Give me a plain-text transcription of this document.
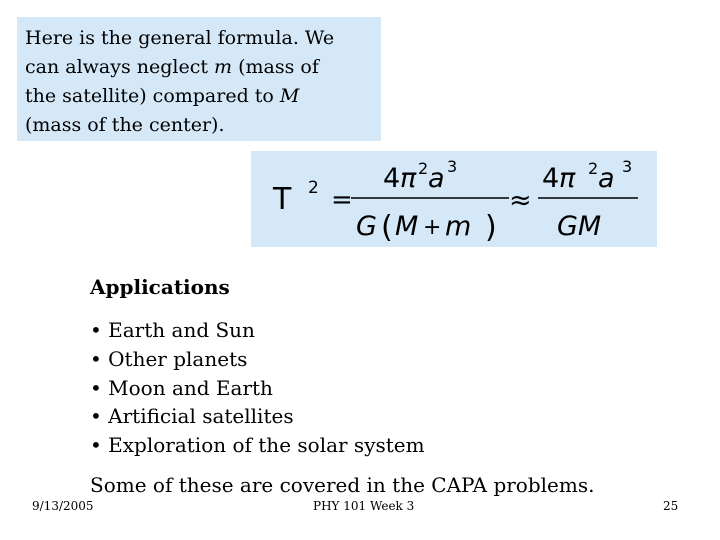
Here is the general formula. We
can always neglect m (mass of
the satellite) compared to M
(mass of the center).
T 2 =
4 π 2 a 3
G ( M + m )
≈
4 π 2 a 3
GM
Applications
• Earth and Sun
• Other planets
• Moon and Earth
• Artificial satellites
• Exploration of the solar system
Some of these are covered in the CAPA problems.
9/13/2005	PHY 101 Week 3	25
